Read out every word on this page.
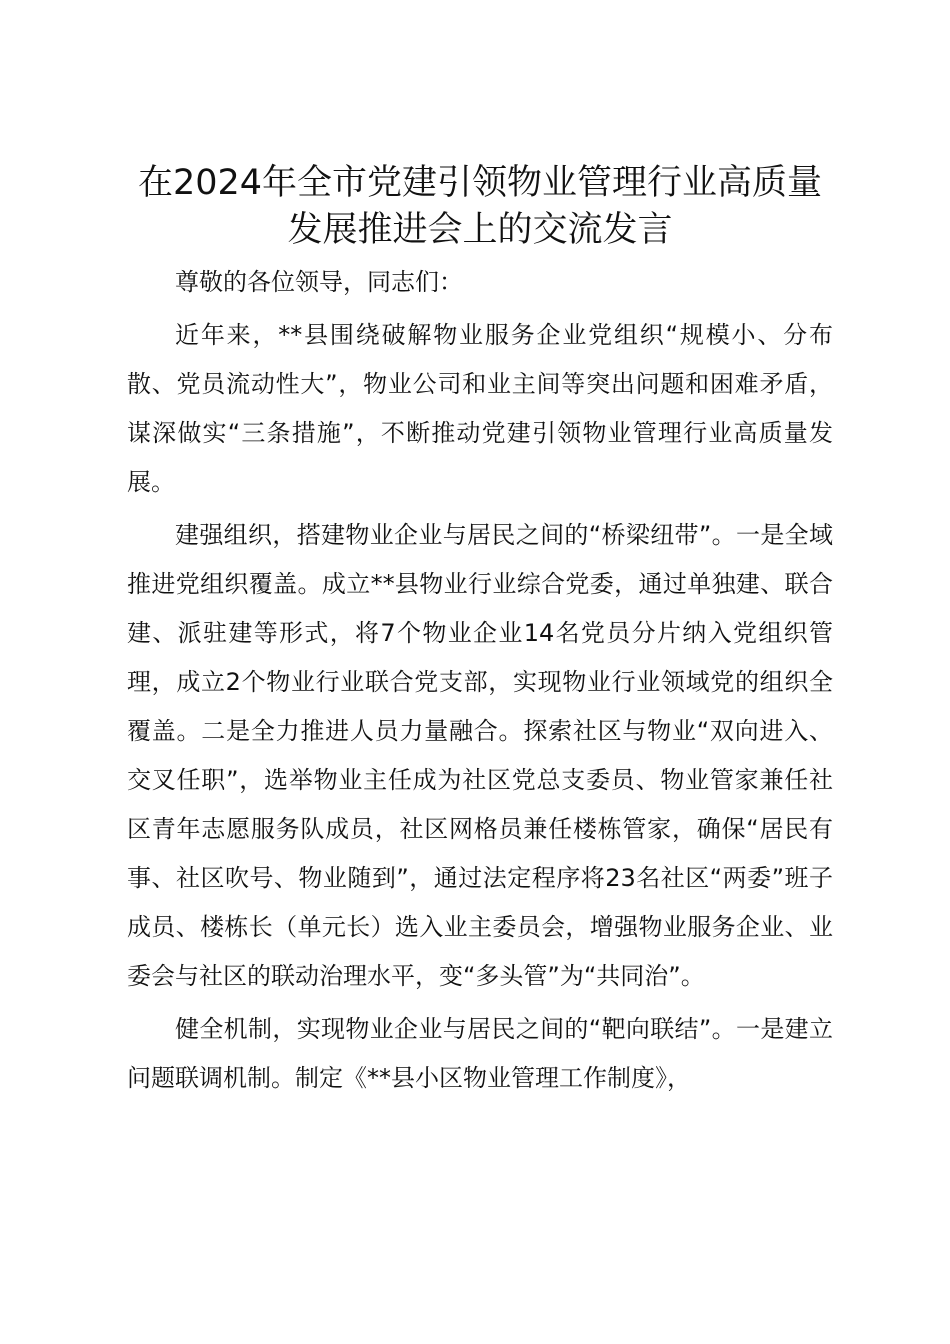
在2024年全市党建引领物业管理行业高质量
发展推进会上的交流发言

尊敬的各位领导，同志们：

近年来，**县围绕破解物业服务企业党组织“规模小、分布散、党员流动性大”，物业公司和业主间等突出问题和困难矛盾，谋深做实“三条措施”，不断推动党建引领物业管理行业高质量发展。

建强组织，搭建物业企业与居民之间的“桥梁纽带”。一是全域推进党组织覆盖。成立**县物业行业综合党委，通过单独建、联合建、派驻建等形式，将7个物业企业14名党员分片纳入党组织管理，成立2个物业行业联合党支部，实现物业行业领域党的组织全覆盖。二是全力推进人员力量融合。探索社区与物业“双向进入、交叉任职”，选举物业主任成为社区党总支委员、物业管家兼任社区青年志愿服务队成员，社区网格员兼任楼栋管家，确保“居民有事、社区吹号、物业随到”，通过法定程序将23名社区“两委”班子成员、楼栋长（单元长）选入业主委员会，增强物业服务企业、业委会与社区的联动治理水平，变“多头管”为“共同治”。

健全机制，实现物业企业与居民之间的“靶向联结”。一是建立问题联调机制。制定《**县小区物业管理工作制度》，
